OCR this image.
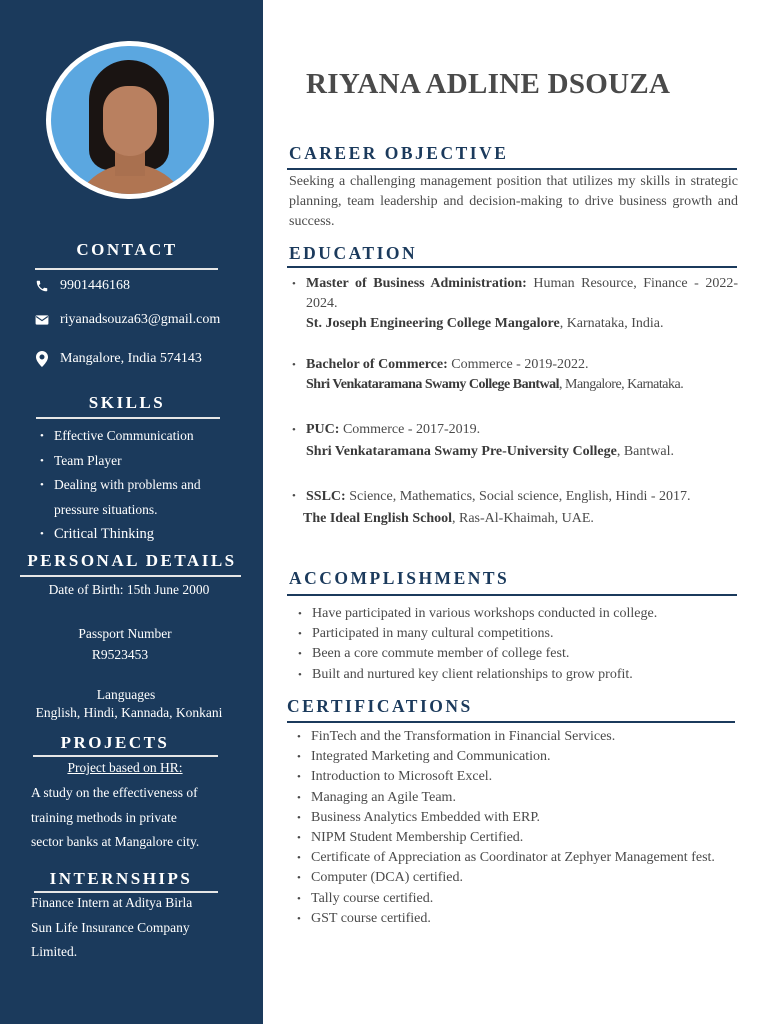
CONTACT
9901446168
riyanadsouza63@gmail.com
Mangalore, India 574143
SKILLS
• Effective Communication
• Team Player
• Dealing with problems and
pressure situations.
• Critical Thinking
PERSONAL DETAILS
Date of Birth: 15th June 2000
Passport Number
R9523453
Languages
English, Hindi, Kannada, Konkani
PROJECTS
Project based on HR:
A study on the effectiveness of
training methods in private
sector banks at Mangalore city.
INTERNSHIPS
Finance Intern at Aditya Birla
Sun Life Insurance Company
Limited.
RIYANA ADLINE DSOUZA
CAREER OBJECTIVE
Seeking a challenging management position that utilizes my skills in strategic planning, team leadership and decision-making to drive business growth and success.
EDUCATION
• Master of Business Administration: Human Resource, Finance - 2022-2024.
St. Joseph Engineering College Mangalore, Karnataka, India.
• Bachelor of Commerce: Commerce - 2019-2022.
Shri Venkataramana Swamy College Bantwal, Mangalore, Karnataka.
• PUC: Commerce - 2017-2019.
Shri Venkataramana Swamy Pre-University College, Bantwal.
• SSLC: Science, Mathematics, Social science, English, Hindi - 2017.
The Ideal English School, Ras-Al-Khaimah, UAE.
ACCOMPLISHMENTS
• Have participated in various workshops conducted in college.
• Participated in many cultural competitions.
• Been a core commute member of college fest.
• Built and nurtured key client relationships to grow profit.
CERTIFICATIONS
• FinTech and the Transformation in Financial Services.
• Integrated Marketing and Communication.
• Introduction to Microsoft Excel.
• Managing an Agile Team.
• Business Analytics Embedded with ERP.
• NIPM Student Membership Certified.
• Certificate of Appreciation as Coordinator at Zephyer Management fest.
• Computer (DCA) certified.
• Tally course certified.
• GST course certified.
